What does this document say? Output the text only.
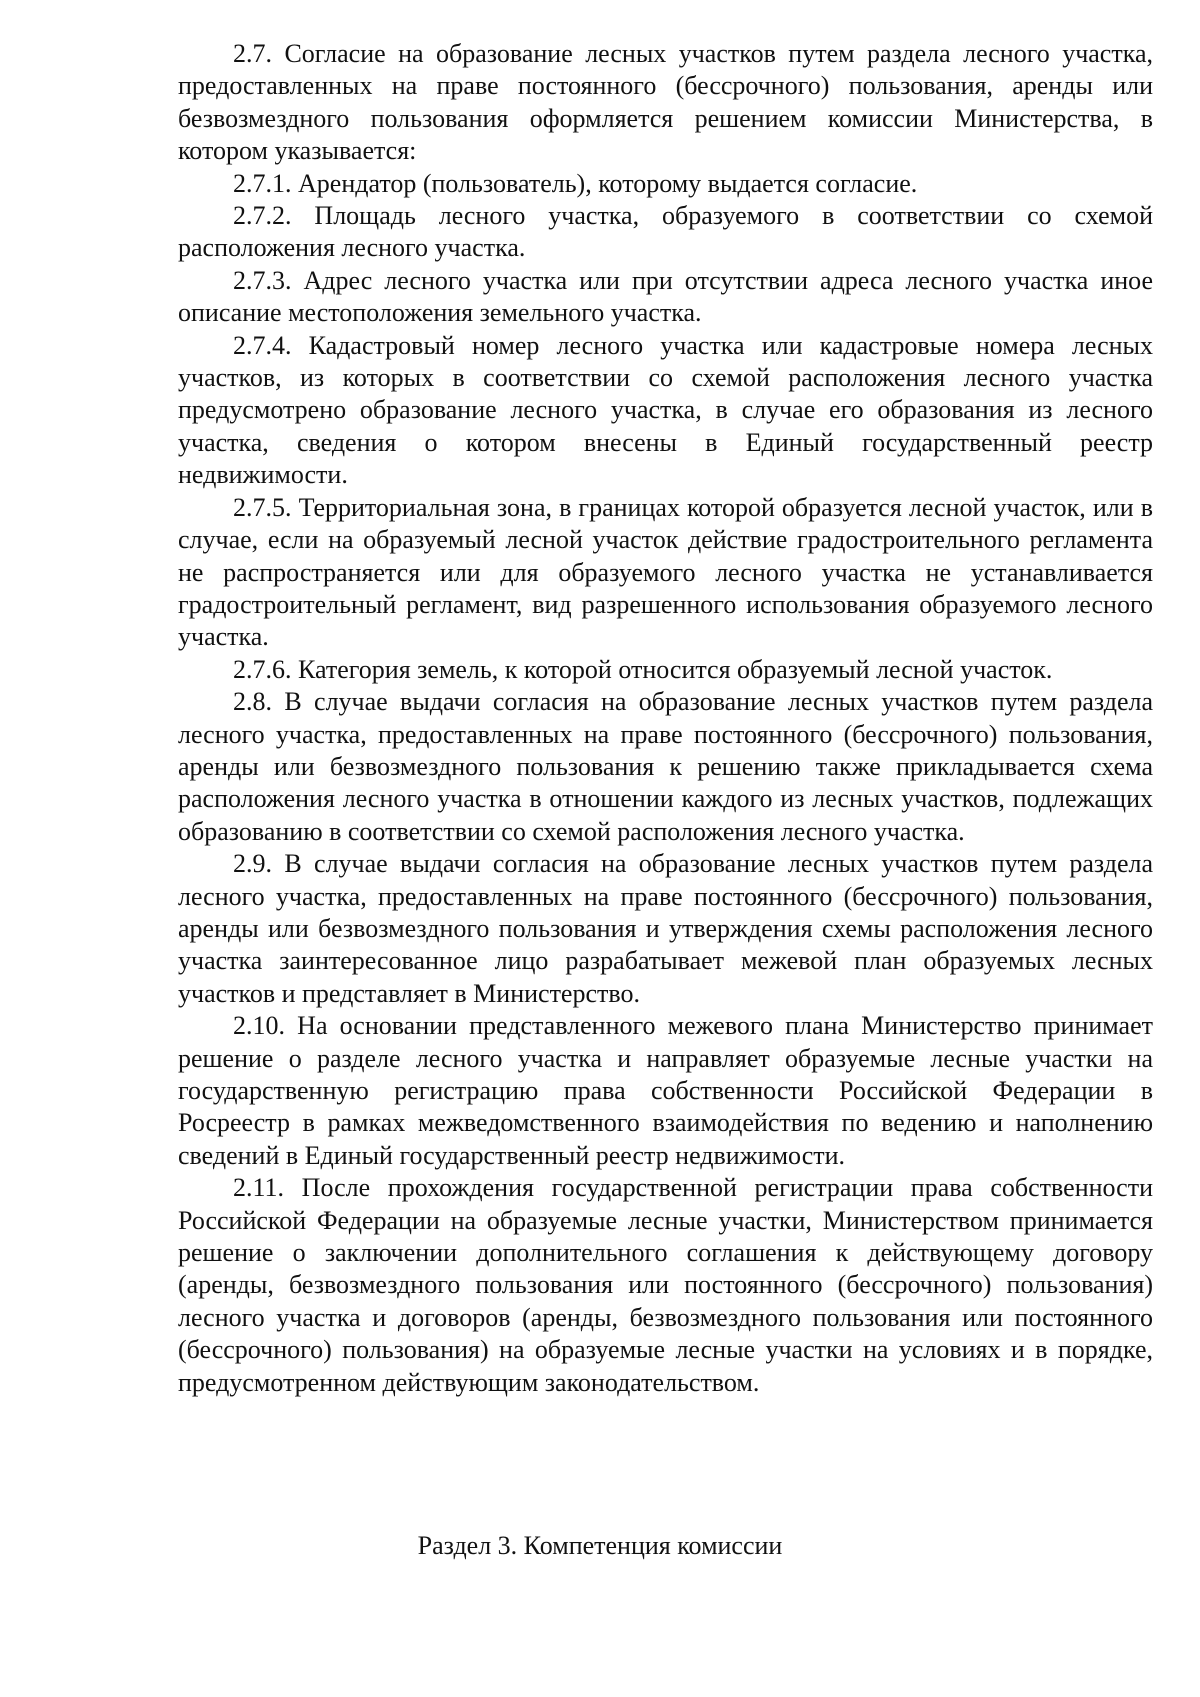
2.7. Согласие на образование лесных участков путем раздела лесного участка, предоставленных на праве постоянного (бессрочного) пользования, аренды или безвозмездного пользования оформляется решением комиссии Министерства, в котором указывается:

2.7.1. Арендатор (пользователь), которому выдается согласие.

2.7.2. Площадь лесного участка, образуемого в соответствии со схемой расположения лесного участка.

2.7.3. Адрес лесного участка или при отсутствии адреса лесного участка иное описание местоположения земельного участка.

2.7.4. Кадастровый номер лесного участка или кадастровые номера лесных участков, из которых в соответствии со схемой расположения лесного участка предусмотрено образование лесного участка, в случае его образования из лесного участка, сведения о котором внесены в Единый государственный реестр недвижимости.

2.7.5. Территориальная зона, в границах которой образуется лесной участок, или в случае, если на образуемый лесной участок действие градостроительного регламента не распространяется или для образуемого лесного участка не устанавливается градостроительный регламент, вид разрешенного использования образуемого лесного участка.

2.7.6. Категория земель, к которой относится образуемый лесной участок.

2.8. В случае выдачи согласия на образование лесных участков путем раздела лесного участка, предоставленных на праве постоянного (бессрочного) пользования, аренды или безвозмездного пользования к решению также прикладывается схема расположения лесного участка в отношении каждого из лесных участков, подлежащих образованию в соответствии со схемой расположения лесного участка.

2.9. В случае выдачи согласия на образование лесных участков путем раздела лесного участка, предоставленных на праве постоянного (бессрочного) пользования, аренды или безвозмездного пользования и утверждения схемы расположения лесного участка заинтересованное лицо разрабатывает межевой план образуемых лесных участков и представляет в Министерство.

2.10. На основании представленного межевого плана Министерство принимает решение о разделе лесного участка и направляет образуемые лесные участки на государственную регистрацию права собственности Российской Федерации в Росреестр в рамках межведомственного взаимодействия по ведению и наполнению сведений в Единый государственный реестр недвижимости.

2.11. После прохождения государственной регистрации права собственности Российской Федерации на образуемые лесные участки, Министерством принимается решение о заключении дополнительного соглашения к действующему договору (аренды, безвозмездного пользования или постоянного (бессрочного) пользования) лесного участка и договоров (аренды, безвозмездного пользования или постоянного (бессрочного) пользования) на образуемые лесные участки на условиях и в порядке, предусмотренном действующим законодательством.

Раздел 3. Компетенция комиссии
